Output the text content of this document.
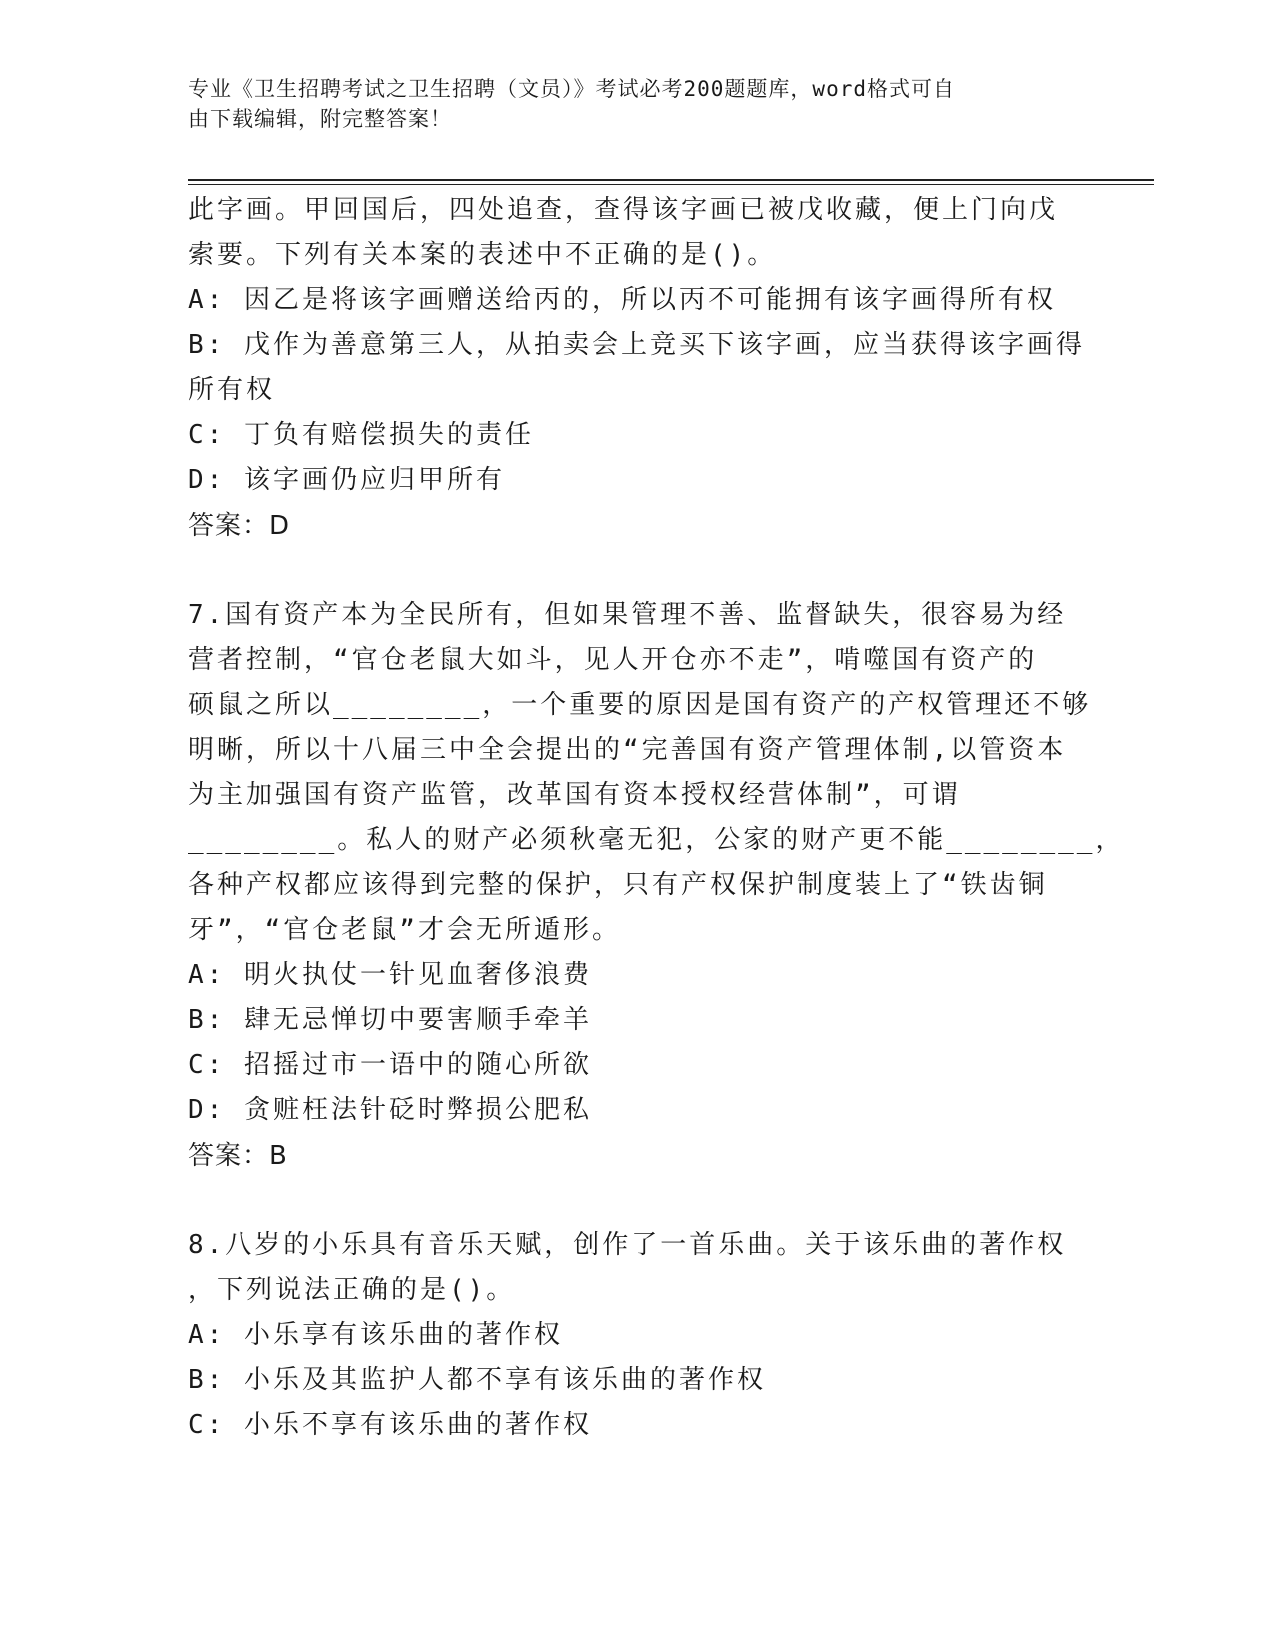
专业《卫生招聘考试之卫生招聘（文员）》考试必考200题题库，word格式可自
由下载编辑，附完整答案！
此字画。甲回国后，四处追查，查得该字画已被戊收藏，便上门向戊
索要。下列有关本案的表述中不正确的是()。
A: 因乙是将该字画赠送给丙的，所以丙不可能拥有该字画得所有权
B: 戊作为善意第三人，从拍卖会上竞买下该字画，应当获得该字画得
所有权
C: 丁负有赔偿损失的责任
D: 该字画仍应归甲所有
答案：D
7.国有资产本为全民所有，但如果管理不善、监督缺失，很容易为经
营者控制，“官仓老鼠大如斗，见人开仓亦不走”，啃噬国有资产的
硕鼠之所以________，一个重要的原因是国有资产的产权管理还不够
明晰，所以十八届三中全会提出的“完善国有资产管理体制,以管资本
为主加强国有资产监管，改革国有资本授权经营体制”，可谓
________。私人的财产必须秋毫无犯，公家的财产更不能________，
各种产权都应该得到完整的保护，只有产权保护制度装上了“铁齿铜
牙”，“官仓老鼠”才会无所遁形。
A: 明火执仗一针见血奢侈浪费
B: 肆无忌惮切中要害顺手牵羊
C: 招摇过市一语中的随心所欲
D: 贪赃枉法针砭时弊损公肥私
答案：B
8.八岁的小乐具有音乐天赋，创作了一首乐曲。关于该乐曲的著作权
，下列说法正确的是()。
A: 小乐享有该乐曲的著作权
B: 小乐及其监护人都不享有该乐曲的著作权
C: 小乐不享有该乐曲的著作权
